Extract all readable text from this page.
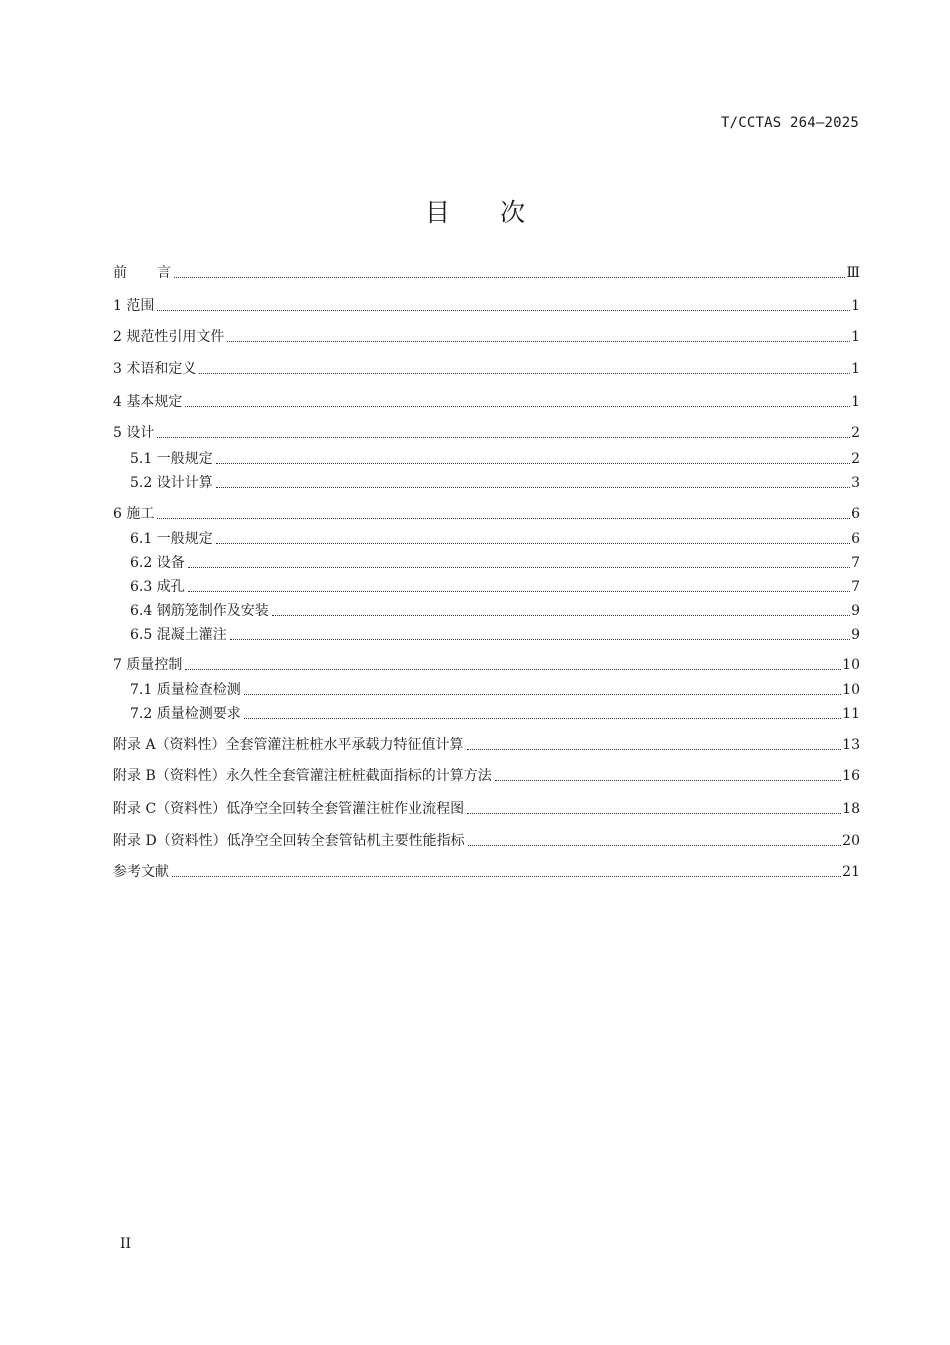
T/CCTAS 264—2025
目次
前言	Ⅲ
1 范围	1
2 规范性引用文件	1
3 术语和定义	1
4 基本规定	1
5 设计	2
5.1 一般规定	2
5.2 设计计算	3
6 施工	6
6.1 一般规定	6
6.2 设备	7
6.3 成孔	7
6.4 钢筋笼制作及安装	9
6.5 混凝土灌注	9
7 质量控制	10
7.1 质量检查检测	10
7.2 质量检测要求	11
附录 A（资料性）全套管灌注桩桩水平承载力特征值计算	13
附录 B（资料性）永久性全套管灌注桩桩截面指标的计算方法	16
附录 C（资料性）低净空全回转全套管灌注桩作业流程图	18
附录 D（资料性）低净空全回转全套管钻机主要性能指标	20
参考文献	21
II
